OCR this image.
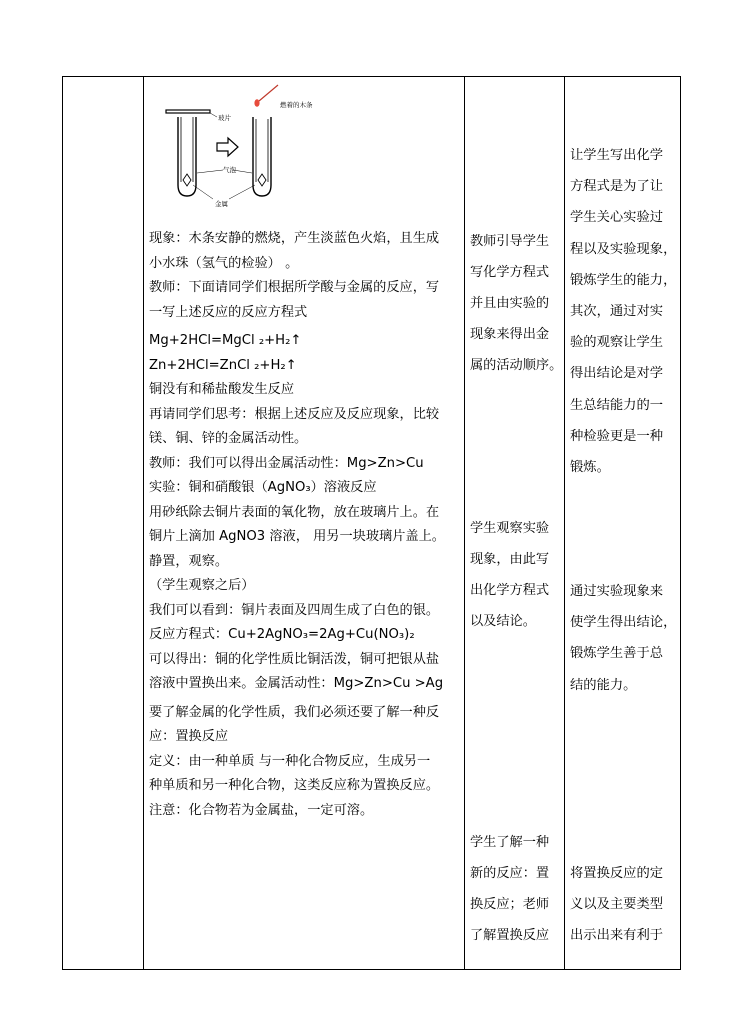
玻片
燃着的木条
气泡
金属

现象：木条安静的燃烧，产生淡蓝色火焰，且生成

小水珠（氢气的检验） 。

教师：下面请同学们根据所学酸与金属的反应，写

一写上述反应的反应方程式

Mg+2HCl=MgCl ₂+H₂↑

Zn+2HCl=ZnCl ₂+H₂↑

铜没有和稀盐酸发生反应

再请同学们思考：根据上述反应及反应现象，比较

镁、铜、锌的金属活动性。

教师：我们可以得出金属活动性：Mg>Zn>Cu

实验：铜和硝酸银（AgNO₃）溶液反应

用砂纸除去铜片表面的氧化物，放在玻璃片上。在

铜片上滴加 AgNO3 溶液， 用另一块玻璃片盖上。

静置，观察。

（学生观察之后）

我们可以看到：铜片表面及四周生成了白色的银。

反应方程式：Cu+2AgNO₃=2Ag+Cu(NO₃)₂

可以得出：铜的化学性质比铜活泼，铜可把银从盐

溶液中置换出来。金属活动性：Mg>Zn>Cu >Ag

要了解金属的化学性质，我们必须还要了解一种反

应：置换反应

定义：由一种单质 与一种化合物反应，生成另一

种单质和另一种化合物，这类反应称为置换反应。

注意：化合物若为金属盐，一定可溶。

教师引导学生

写化学方程式

并且由实验的

现象来得出金

属的活动顺序。

学生观察实验

现象，由此写

出化学方程式

以及结论。

学生了解一种

新的反应：置

换反应；老师

了解置换反应

让学生写出化学

方程式是为了让

学生关心实验过

程以及实验现象，

锻炼学生的能力，

其次，通过对实

验的观察让学生

得出结论是对学

生总结能力的一

种检验更是一种

锻炼。

通过实验现象来

使学生得出结论，

锻炼学生善于总

结的能力。

将置换反应的定

义以及主要类型

出示出来有利于
